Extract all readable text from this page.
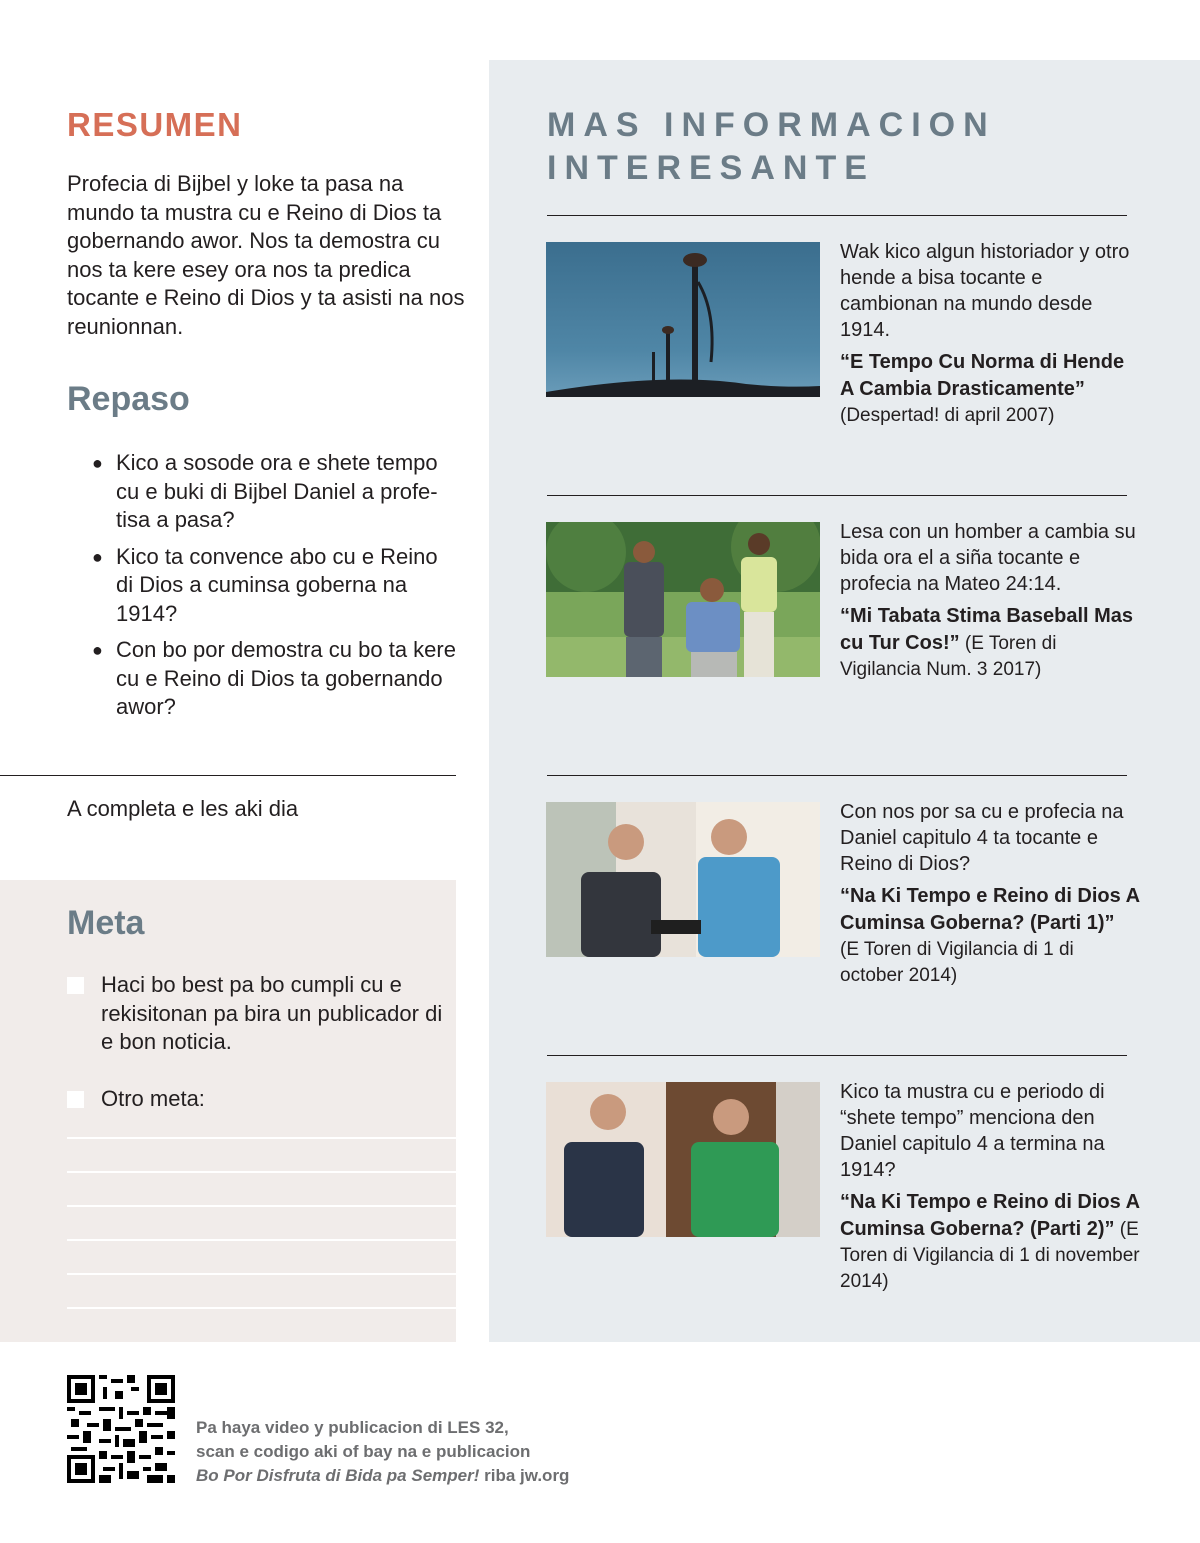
MAS INFORMACION INTERESANTE

Wak kico algun historiador y otro hende a bisa tocante e cambionan na mundo desde 1914.

“E Tempo Cu Norma di Hende A Cambia Drasticamente” (Despertad! di april 2007)

Lesa con un homber a cambia su bida ora el a siña tocante e profecia na Mateo 24:14.

“Mi Tabata Stima Baseball Mas cu Tur Cos!” (E Toren di Vigilancia Num. 3 2017)

Con nos por sa cu e profecia na Daniel capitulo 4 ta tocante e Reino di Dios?

“Na Ki Tempo e Reino di Dios A Cuminsa Goberna? (Parti 1)”
(E Toren di Vigilancia di 1 di october 2014)

Kico ta mustra cu e periodo di “shete tempo” menciona den Daniel capitulo 4 a termina na 1914?

“Na Ki Tempo e Reino di Dios A Cuminsa Goberna? (Parti 2)” (E Toren di Vigilancia di 1 di november 2014)

RESUMEN

Profecia di Bijbel y loke ta pasa na mundo ta mustra cu e Reino di Dios ta gobernando awor. Nos ta demostra cu nos ta kere esey ora nos ta predica tocante e Reino di Dios y ta asisti na nos reunionnan.

Repaso
● Kico a sosode ora e shete tempo cu e buki di Bijbel Daniel a profe-tisa a pasa?
● Kico ta convence abo cu e Reino di Dios a cuminsa goberna na 1914?
● Con bo por demostra cu bo ta kere cu e Reino di Dios ta gobernando awor?

A completa e les aki dia

Meta
Haci bo best pa bo cumpli cu e rekisitonan pa bira un publicador di e bon noticia.
Otro meta:

Pa haya video y publicacion di LES 32,
scan e codigo aki of bay na e publicacion
Bo Por Disfruta di Bida pa Semper! riba jw.org
